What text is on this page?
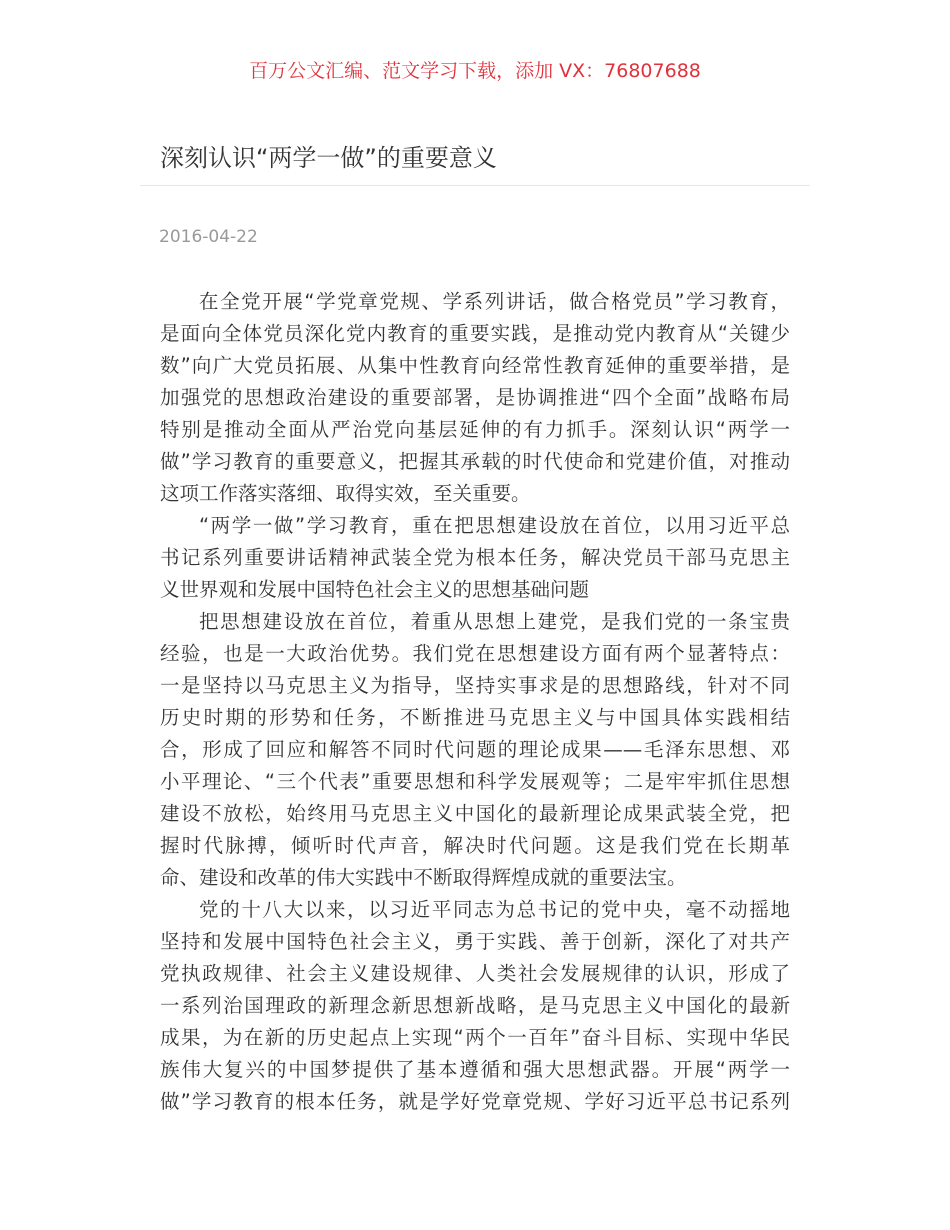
百万公文汇编、范文学习下载，添加 VX：76807688
深刻认识“两学一做”的重要意义
2016-04-22
在全党开展“学党章党规、学系列讲话，做合格党员”学习教育，
是面向全体党员深化党内教育的重要实践，是推动党内教育从“关键少
数”向广大党员拓展、从集中性教育向经常性教育延伸的重要举措，是
加强党的思想政治建设的重要部署，是协调推进“四个全面”战略布局
特别是推动全面从严治党向基层延伸的有力抓手。深刻认识“两学一
做”学习教育的重要意义，把握其承载的时代使命和党建价值，对推动
这项工作落实落细、取得实效，至关重要。
“两学一做”学习教育，重在把思想建设放在首位，以用习近平总
书记系列重要讲话精神武装全党为根本任务，解决党员干部马克思主
义世界观和发展中国特色社会主义的思想基础问题
把思想建设放在首位，着重从思想上建党，是我们党的一条宝贵
经验，也是一大政治优势。我们党在思想建设方面有两个显著特点：
一是坚持以马克思主义为指导，坚持实事求是的思想路线，针对不同
历史时期的形势和任务，不断推进马克思主义与中国具体实践相结
合，形成了回应和解答不同时代问题的理论成果——毛泽东思想、邓
小平理论、“三个代表”重要思想和科学发展观等；二是牢牢抓住思想
建设不放松，始终用马克思主义中国化的最新理论成果武装全党，把
握时代脉搏，倾听时代声音，解决时代问题。这是我们党在长期革
命、建设和改革的伟大实践中不断取得辉煌成就的重要法宝。
党的十八大以来，以习近平同志为总书记的党中央，毫不动摇地
坚持和发展中国特色社会主义，勇于实践、善于创新，深化了对共产
党执政规律、社会主义建设规律、人类社会发展规律的认识，形成了
一系列治国理政的新理念新思想新战略，是马克思主义中国化的最新
成果，为在新的历史起点上实现“两个一百年”奋斗目标、实现中华民
族伟大复兴的中国梦提供了基本遵循和强大思想武器。开展“两学一
做”学习教育的根本任务，就是学好党章党规、学好习近平总书记系列
